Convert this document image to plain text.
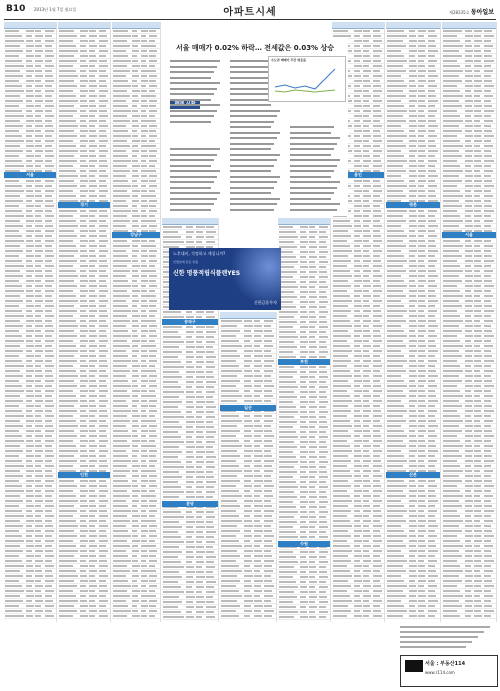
B10 2013년 1월 7일 월요일	아파트시세	제28335호 동아일보
서울
경기
인천
강남구
송파구
분당
일산
부천
수원
용인
평촌
산본
서울
서울 매매가 0.02% 하락… 전세값은 0.03% 상승
수도권 매매가 주간 변동률
노후대비, 걱정하고 계십니까?
인생설계 전문 상품
신한 명품적립식플랜YES
신한금융투자
서울 : 부동산114
www.r114.com
